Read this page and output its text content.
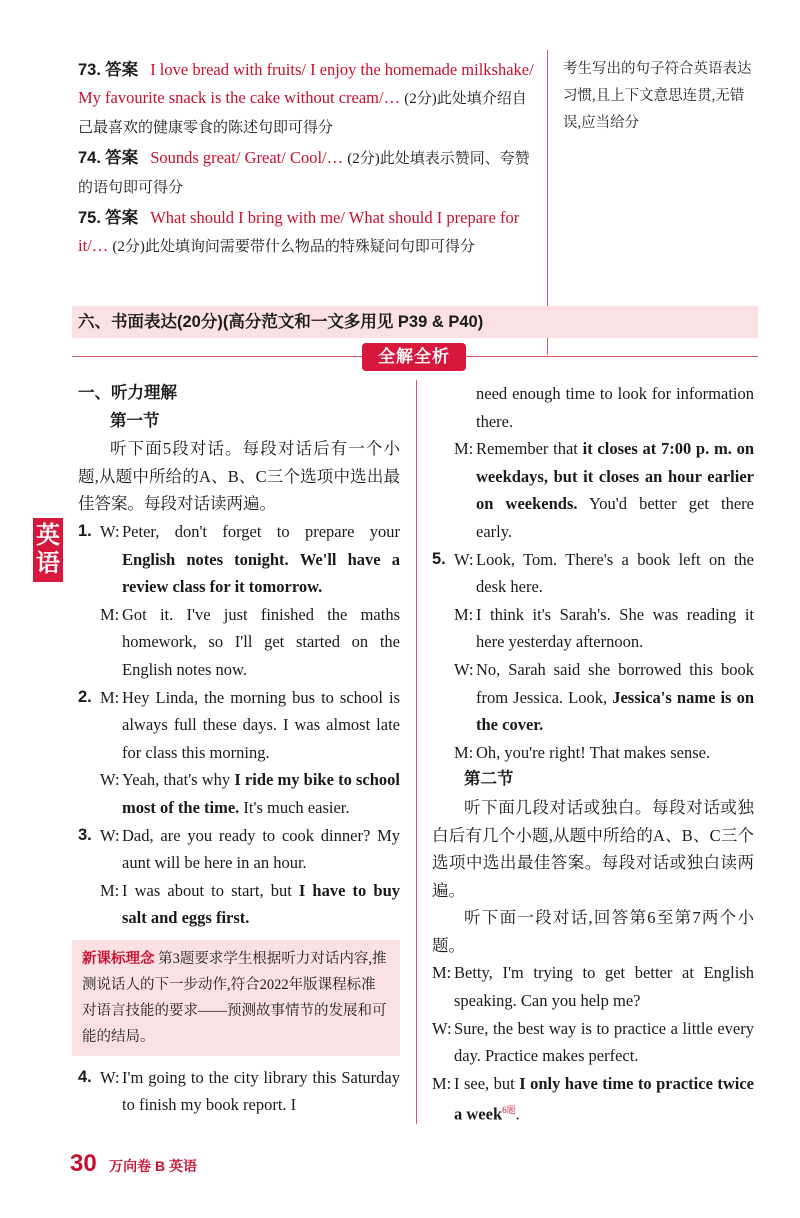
73. 答案 I love bread with fruits/ I enjoy the homemade milkshake/ My favourite snack is the cake without cream/… (2分)此处填介绍自己最喜欢的健康零食的陈述句即可得分

74. 答案 Sounds great/ Great/ Cool/… (2分)此处填表示赞同、夸赞的语句即可得分

75. 答案 What should I bring with me/ What should I prepare for it/… (2分)此处填询问需要带什么物品的特殊疑问句即可得分

考生写出的句子符合英语表达习惯,且上下文意思连贯,无错误,应当给分
六、书面表达(20分)(高分范文和一文多用见 P39 & P40)
全解全析
英语

一、听力理解

第一节

听下面5段对话。每段对话后有一个小题,从题中所给的A、B、C三个选项中选出最佳答案。每段对话读两遍。

1. W: Peter, don't forget to prepare your English notes tonight. We'll have a review class for it tomorrow.
M: Got it. I've just finished the maths homework, so I'll get started on the English notes now.
2. M: Hey Linda, the morning bus to school is always full these days. I was almost late for class this morning.
W: Yeah, that's why I ride my bike to school most of the time. It's much easier.
3. W: Dad, are you ready to cook dinner? My aunt will be here in an hour.
M: I was about to start, but I have to buy salt and eggs first.
新课标理念 第3题要求学生根据听力对话内容,推测说话人的下一步动作,符合2022年版课程标准对语言技能的要求——预测故事情节的发展和可能的结局。
4. W: I'm going to the city library this Saturday to finish my book report. I
need enough time to look for information there.
M: Remember that it closes at 7:00 p. m. on weekdays, but it closes an hour earlier on weekends. You'd better get there early.
5. W: Look, Tom. There's a book left on the desk here.
M: I think it's Sarah's. She was reading it here yesterday afternoon.
W: No, Sarah said she borrowed this book from Jessica. Look, Jessica's name is on the cover.
M: Oh, you're right! That makes sense.

第二节

听下面几段对话或独白。每段对话或独白后有几个小题,从题中所给的A、B、C三个选项中选出最佳答案。每段对话或独白读两遍。

听下面一段对话,回答第6至第7两个小题。

M: Betty, I'm trying to get better at English speaking. Can you help me?
W: Sure, the best way is to practice a little every day. Practice makes perfect.
M: I see, but I only have time to practice twice a week$^{6题}$.
30 万向卷 B 英语
